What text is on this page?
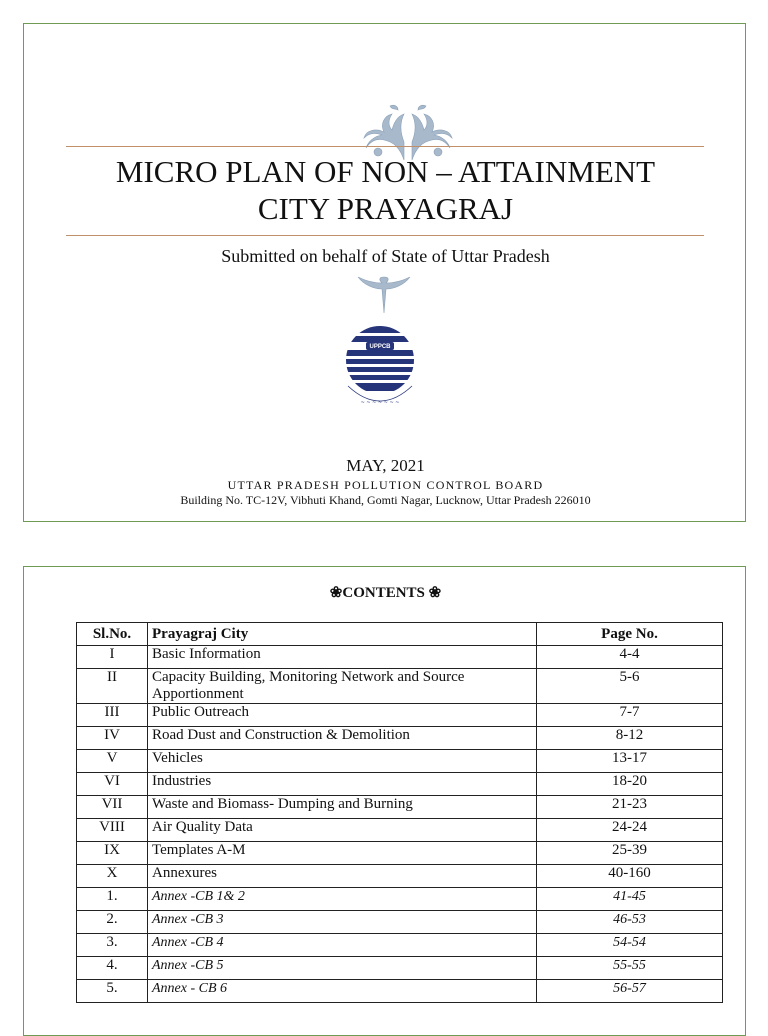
MICRO PLAN OF NON – ATTAINMENT
CITY PRAYAGRAJ
Submitted on behalf of State of Uttar Pradesh
UPPCB
~ ~ ~ ~ ~ ~ ~
MAY, 2021
UTTAR PRADESH POLLUTION CONTROL BOARD
Building No. TC-12V, Vibhuti Khand, Gomti Nagar, Lucknow, Uttar Pradesh 226010
❀CONTENTS ❀
Sl.No.	Prayagraj City	Page No.
I	Basic Information	4-4
II	Capacity Building, Monitoring Network and Source Apportionment	5-6
III	Public Outreach	7-7
IV	Road Dust and Construction & Demolition	8-12
V	Vehicles	13-17
VI	Industries	18-20
VII	Waste and Biomass- Dumping and Burning	21-23
VIII	Air Quality Data	24-24
IX	Templates A-M	25-39
X	Annexures	40-160
1.	Annex -CB 1& 2	41-45
2.	Annex -CB 3	46-53
3.	Annex -CB 4	54-54
4.	Annex -CB 5	55-55
5.	Annex - CB 6	56-57
